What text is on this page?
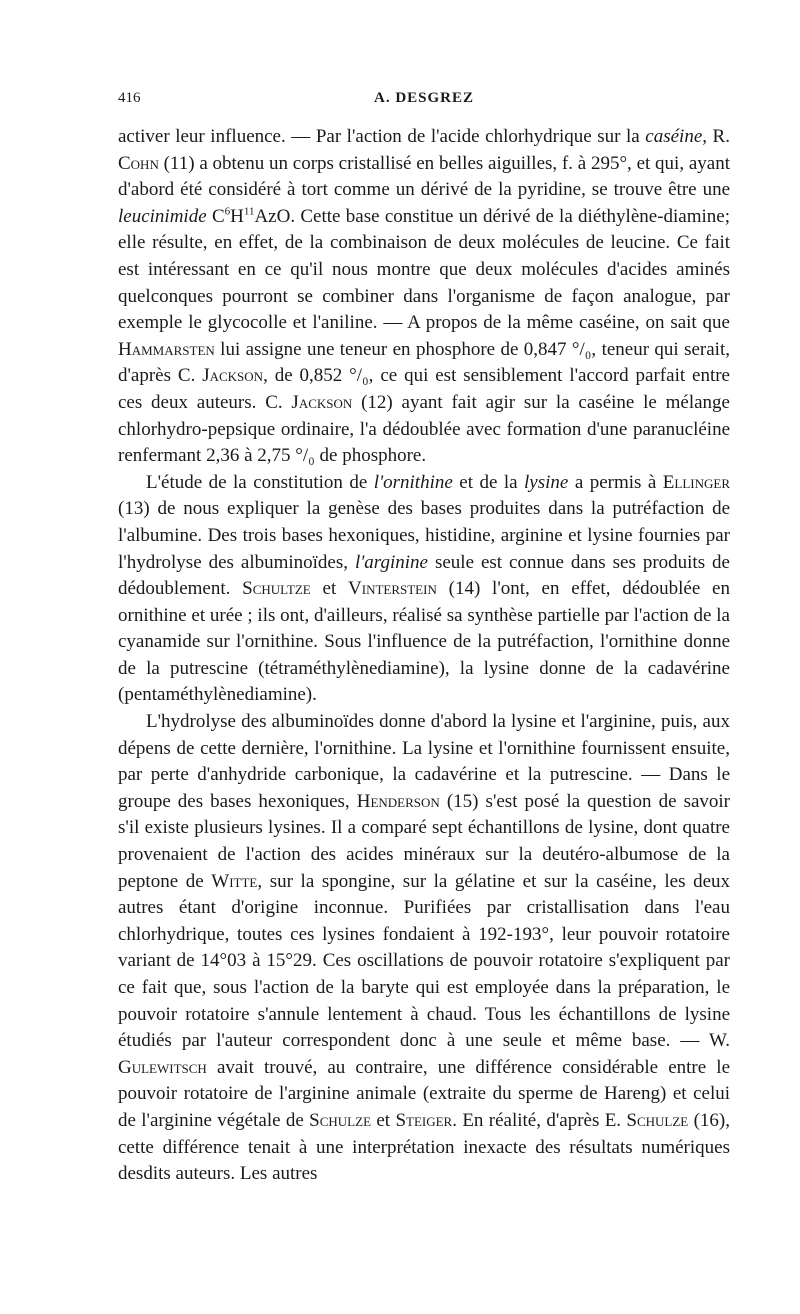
416	A. DESGREZ

activer leur influence. — Par l'action de l'acide chlorhydrique sur la caséine, R. Cohn (11) a obtenu un corps cristallisé en belles aiguilles, f. à 295°, et qui, ayant d'abord été considéré à tort comme un dérivé de la pyridine, se trouve être une leucinimide $C^6H^{11}AzO$. Cette base constitue un dérivé de la diéthylène-diamine; elle résulte, en effet, de la combinaison de deux molécules de leucine. Ce fait est intéressant en ce qu'il nous montre que deux molécules d'acides aminés quelconques pourront se combiner dans l'organisme de façon analogue, par exemple le glycocolle et l'aniline. — A propos de la même caséine, on sait que Hammarsten lui assigne une teneur en phosphore de 0,847 °/₀, teneur qui serait, d'après C. Jackson, de 0,852 °/₀, ce qui est sensiblement l'accord parfait entre ces deux auteurs. C. Jackson (12) ayant fait agir sur la caséine le mélange chlorhydro-pepsique ordinaire, l'a dédoublée avec formation d'une paranucléine renfermant 2,36 à 2,75 °/₀ de phosphore.

L'étude de la constitution de l'ornithine et de la lysine a permis à Ellinger (13) de nous expliquer la genèse des bases produites dans la putréfaction de l'albumine. Des trois bases hexoniques, histidine, arginine et lysine fournies par l'hydrolyse des albuminoïdes, l'arginine seule est connue dans ses produits de dédoublement. Schultze et Vinterstein (14) l'ont, en effet, dédoublée en ornithine et urée ; ils ont, d'ailleurs, réalisé sa synthèse partielle par l'action de la cyanamide sur l'ornithine. Sous l'influence de la putréfaction, l'ornithine donne de la putrescine (tétraméthylènediamine), la lysine donne de la cadavérine (pentaméthylènediamine).

L'hydrolyse des albuminoïdes donne d'abord la lysine et l'arginine, puis, aux dépens de cette dernière, l'ornithine. La lysine et l'ornithine fournissent ensuite, par perte d'anhydride carbonique, la cadavérine et la putrescine. — Dans le groupe des bases hexoniques, Henderson (15) s'est posé la question de savoir s'il existe plusieurs lysines. Il a comparé sept échantillons de lysine, dont quatre provenaient de l'action des acides minéraux sur la deutéro-albumose de la peptone de Witte, sur la spongine, sur la gélatine et sur la caséine, les deux autres étant d'origine inconnue. Purifiées par cristallisation dans l'eau chlorhydrique, toutes ces lysines fondaient à 192-193°, leur pouvoir rotatoire variant de 14°03 à 15°29. Ces oscillations de pouvoir rotatoire s'expliquent par ce fait que, sous l'action de la baryte qui est employée dans la préparation, le pouvoir rotatoire s'annule lentement à chaud. Tous les échantillons de lysine étudiés par l'auteur correspondent donc à une seule et même base. — W. Gulewitsch avait trouvé, au contraire, une différence considérable entre le pouvoir rotatoire de l'arginine animale (extraite du sperme de Hareng) et celui de l'arginine végétale de Schulze et Steiger. En réalité, d'après E. Schulze (16), cette différence tenait à une interprétation inexacte des résultats numériques desdits auteurs. Les autres
